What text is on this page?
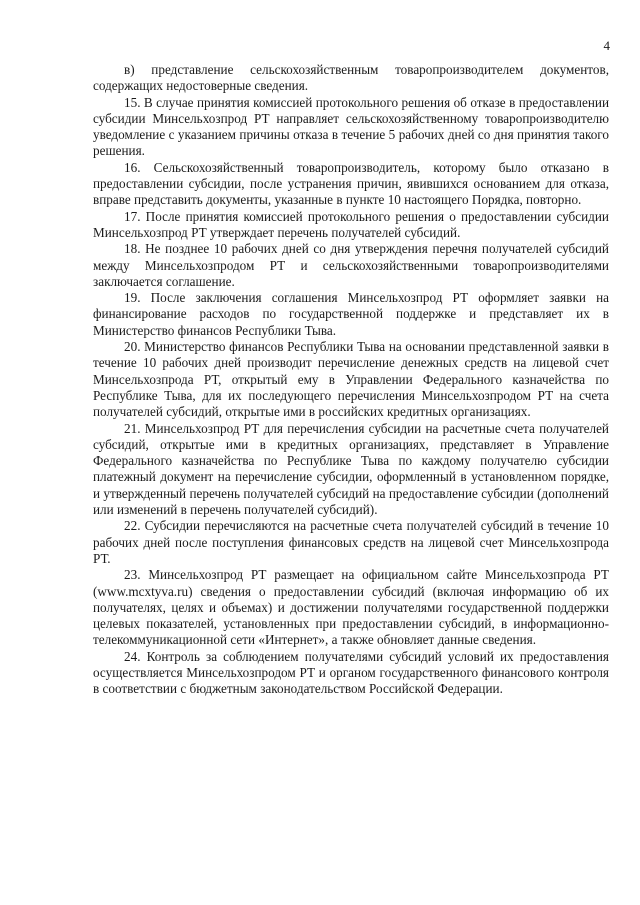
4

в) представление сельскохозяйственным товаропроизводителем документов, содержащих недостоверные сведения.

15. В случае принятия комиссией протокольного решения об отказе в предоставлении субсидии Минсельхозпрод РТ направляет сельскохозяйственному товаропроизводителю уведомление с указанием причины отказа в течение 5 рабочих дней со дня принятия такого решения.

16. Сельскохозяйственный товаропроизводитель, которому было отказано в предоставлении субсидии, после устранения причин, явившихся основанием для отказа, вправе представить документы, указанные в пункте 10 настоящего Порядка, повторно.

17. После принятия комиссией протокольного решения о предоставлении субсидии Минсельхозпрод РТ утверждает перечень получателей субсидий.

18. Не позднее 10 рабочих дней со дня утверждения перечня получателей субсидий между Минсельхозпродом РТ и сельскохозяйственными товаропроизводителями заключается соглашение.

19. После заключения соглашения Минсельхозпрод РТ оформляет заявки на финансирование расходов по государственной поддержке и представляет их в Министерство финансов Республики Тыва.

20. Министерство финансов Республики Тыва на основании представленной заявки в течение 10 рабочих дней производит перечисление денежных средств на лицевой счет Минсельхозпрода РТ, открытый ему в Управлении Федерального казначейства по Республике Тыва, для их последующего перечисления Минсельхозпродом РТ на счета получателей субсидий, открытые ими в российских кредитных организациях.

21. Минсельхозпрод РТ для перечисления субсидии на расчетные счета получателей субсидий, открытые ими в кредитных организациях, представляет в Управление Федерального казначейства по Республике Тыва по каждому получателю субсидии платежный документ на перечисление субсидии, оформленный в установленном порядке, и утвержденный перечень получателей субсидий на предоставление субсидии (дополнений или изменений в перечень получателей субсидий).

22. Субсидии перечисляются на расчетные счета получателей субсидий в течение 10 рабочих дней после поступления финансовых средств на лицевой счет Минсельхозпрода РТ.

23. Минсельхозпрод РТ размещает на официальном сайте Минсельхозпрода РТ (www.mcxtyva.ru) сведения о предоставлении субсидий (включая информацию об их получателях, целях и объемах) и достижении получателями государственной поддержки целевых показателей, установленных при предоставлении субсидий, в информационно-телекоммуникационной сети «Интернет», а также обновляет данные сведения.

24. Контроль за соблюдением получателями субсидий условий их предоставления осуществляется Минсельхозпродом РТ и органом государственного финансового контроля в соответствии с бюджетным законодательством Российской Федерации.
